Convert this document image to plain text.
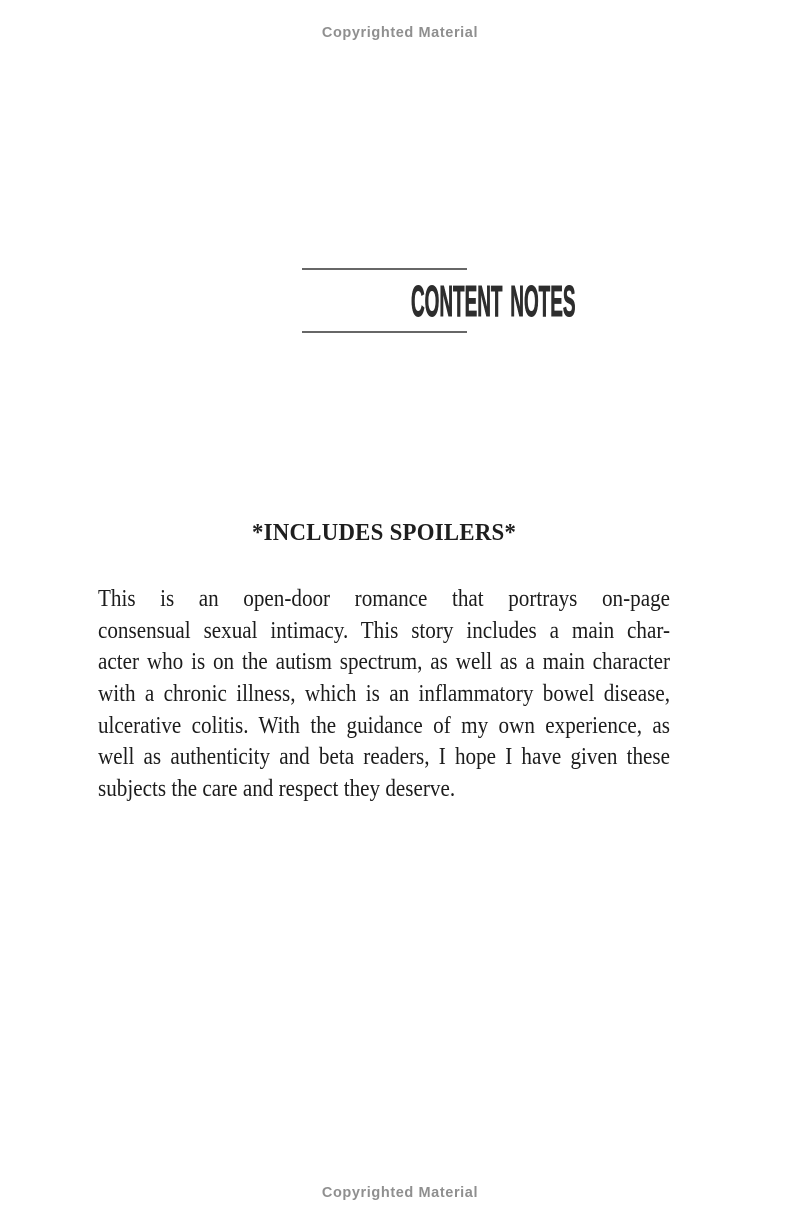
Copyrighted Material
CONTENT NOTES
*INCLUDES SPOILERS*
This is an open-door romance that portrays on-page
consensual sexual intimacy. This story includes a main char-
acter who is on the autism spectrum, as well as a main character
with a chronic illness, which is an inflammatory bowel disease,
ulcerative colitis. With the guidance of my own experience, as
well as authenticity and beta readers, I hope I have given these
subjects the care and respect they deserve.
Copyrighted Material
